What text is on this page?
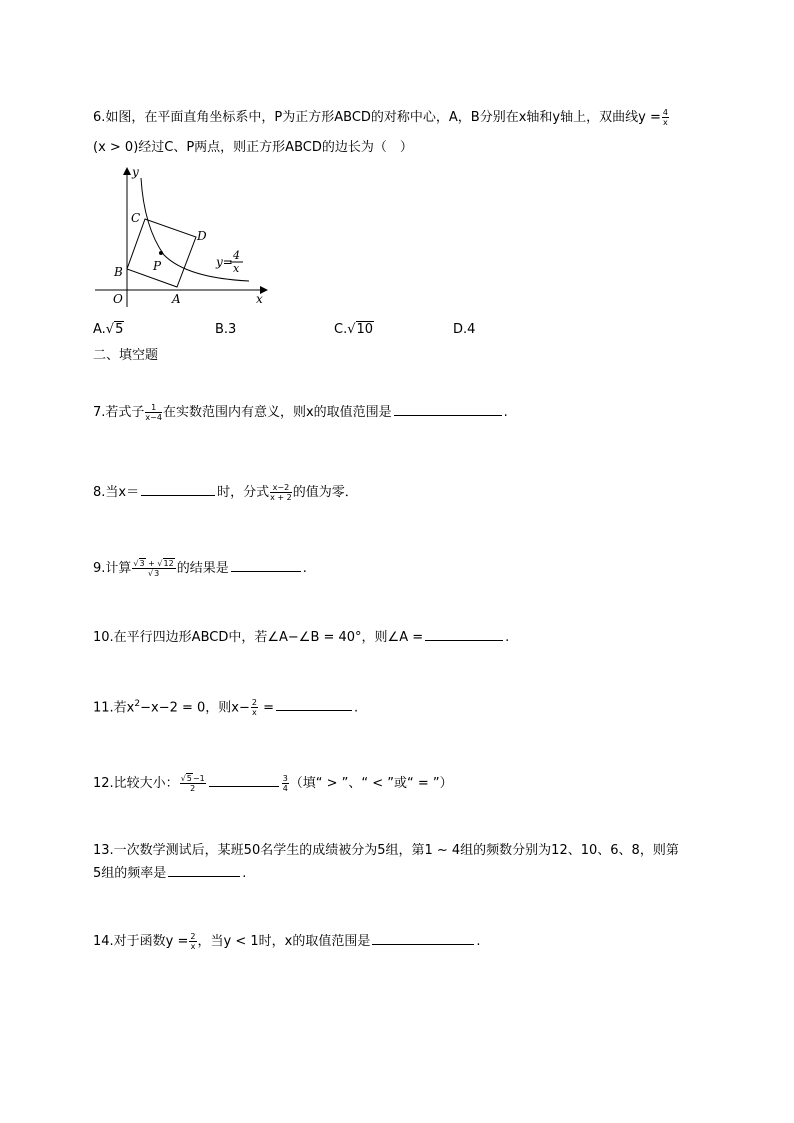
6.如图，在平面直角坐标系中，P为正方形ABCD的对称中心，A，B分别在x轴和y轴上，双曲线$y = \frac{4}{x}$
(x > 0)经过C、P两点，则正方形ABCD的边长为（　）
y
x
O	A
B
C
D
P	y= 4
x
A.√5	B.3	C.√10	D.4
二、填空题
7.若式子 $\frac{1}{x-4}$ 在实数范围内有意义，则x的取值范围是	.
8.当x＝	时，分式 $\frac{x-2}{x + 2}$ 的值为零．
9.计算 $\frac{√3 + √12}{√3}$ 的结果是	.
10.在平行四边形ABCD中，若∠A−∠B = 40°，则∠A =	.
11.若$x^2-x-2 = 0$，则$x- \frac{2}{x}$ =	.
12.比较大小： $\frac{√5-1}{2}$	$\frac{3}{4}$ （填“ > ”、“ < ”或“ = ”）
13.一次数学测试后，某班50名学生的成绩被分为5组，第1 ~ 4组的频数分别为12、10、6、8，则第
5组的频率是	.
14.对于函数$y = \frac{2}{x}$ ，当y < 1时，x的取值范围是	.
